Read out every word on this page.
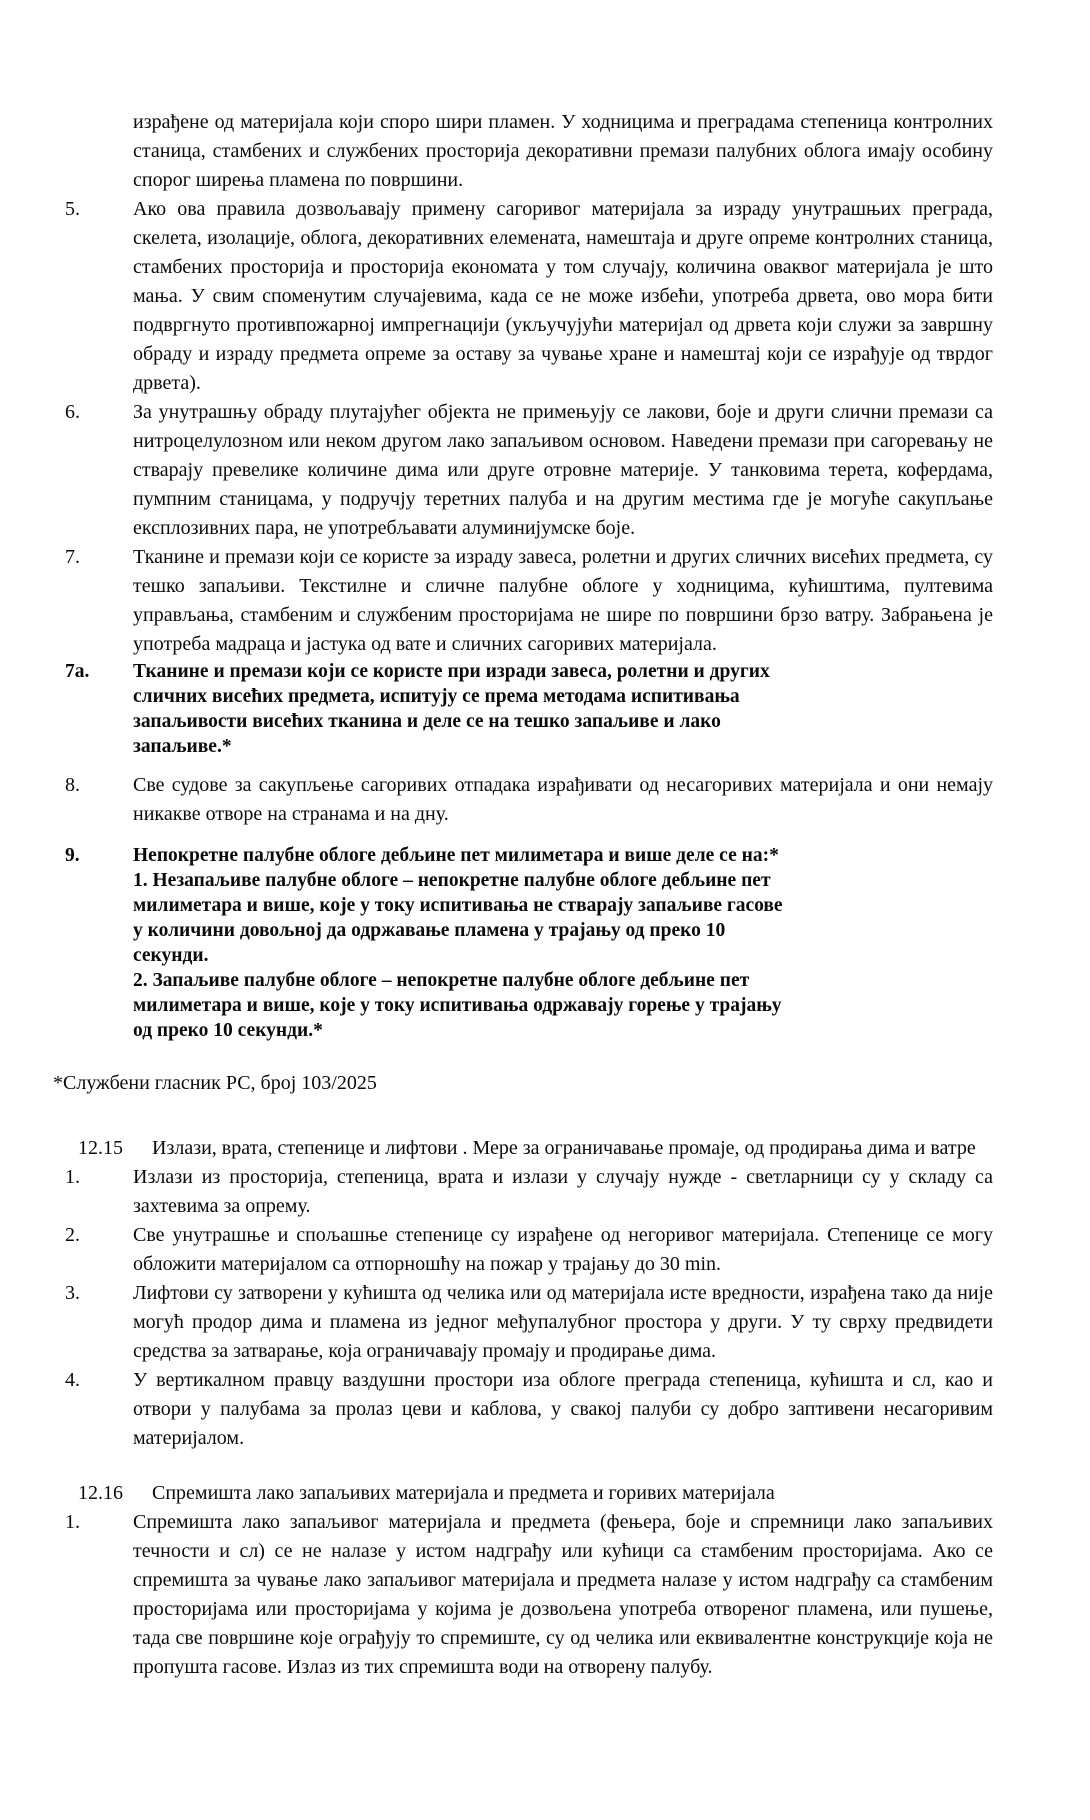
израђене од материјала који споро шири пламен. У ходницима и преградама степеница контролних станица, стамбених и службених просторија декоративни премази палубних облога имају особину спорог ширења пламена по површини.
5.	Ако ова правила дозвољавају примену сагоривог материјала за израду унутрашњих преграда, скелета, изолације, облога, декоративних елемената, намештаја и друге опреме контролних станица, стамбених просторија и просторија економата у том случају, количина оваквог материјала је што мања. У свим споменутим случајевима, када се не може избећи, употреба дрвета, ово мора бити подвргнуто противпожарној импрегнацији (укључујући материјал од дрвета који служи за завршну обраду и израду предмета опреме за оставу за чување хране и намештај који се израђује од тврдог дрвета).
6.	За унутрашњу обраду плутајућег објекта не примењују се лакови, боје и други слични премази са нитроцелулозном или неком другом лако запаљивом основом. Наведени премази при сагоревању не стварају превелике количине дима или друге отровне материје. У танковима терета, кофердама, пумпним станицама, у подручју теретних палуба и на другим местима где је могуће сакупљање експлозивних пара, не употребљавати алуминијумске боје.
7.	Тканине и премази који се користе за израду завеса, ролетни и других сличних висећих предмета, су тешко запаљиви. Текстилне и сличне палубне облоге у ходницима, кућиштима, пултевима управљања, стамбеним и службеним просторијама не шире по површини брзо ватру. Забрањена је употреба мадраца и јастука од вате и сличних сагоривих материјала.
7а.	Тканине и премази који се користе при изради завеса, ролетни и других сличних висећих предмета, испитују се према методама испитивања запаљивости висећих тканина и деле се на тешко запаљиве и лако запаљиве.*
8.	Све судове за сакупљење сагоривих отпадака израђивати од несагоривих материјала и они немају никакве отворе на странама и на дну.
9.	Непокретне палубне облоге дебљине пет милиметара и више деле се на:*
1. Незапаљиве палубне облоге – непокретне палубне облоге дебљине пет милиметара и више, које у току испитивања не стварају запаљиве гасове у количини довољној да одржавање пламена у трајању од преко 10 секунди.
2. Запаљиве палубне облоге – непокретне палубне облоге дебљине пет милиметара и више, које у току испитивања одржавају горење у трајању од преко 10 секунди.*
*Службени гласник РС, број 103/2025
12.15	Излази, врата, степенице и лифтови . Мере за ограничавање промаје, од продирања дима и ватре
1.	Излази из просторија, степеница, врата и излази у случају нужде - светларници су у складу са захтевима за опрему.
2.	Све унутрашње и спољашње степенице су израђене од негоривог материјала. Степенице се могу обложити материјалом са отпорношћу на пожар у трајању до 30 min.
3.	Лифтови су затворени у кућишта од челика или од материјала исте вредности, израђена тако да није могућ продор дима и пламена из једног међупалубног простора у други. У ту сврху предвидети средства за затварање, која ограничавају промају и продирање дима.
4.	У вертикалном правцу ваздушни простори иза облоге преграда степеница, кућишта и сл, као и отвори у палубама за пролаз цеви и каблова, у свакој палуби су добро заптивени несагоривим материјалом.
12.16	Спремишта лако запаљивих материјала и предмета и горивих материјала
1.	Спремишта лако запаљивог материјала и предмета (фењера, боје и спремници лако запаљивих течности и сл) се не налазе у истом надграђу или кућици са стамбеним просторијама. Ако се спремишта за чување лако запаљивог материјала и предмета налазе у истом надграђу са стамбеним просторијама или просторијама у којима је дозвољена употреба отвореног пламена, или пушење, тада све површине које ограђују то спремиште, су од челика или еквивалентне конструкције која не пропушта гасове. Излаз из тих спремишта води на отворену палубу.
